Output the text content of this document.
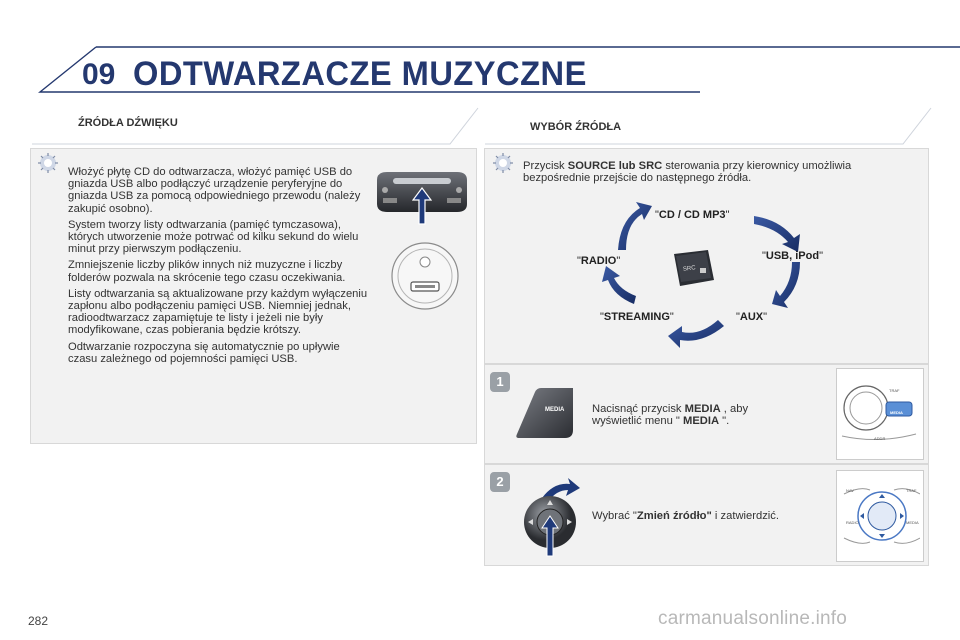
09 ODTWARZACZE MUZYCZNE
ŹRÓDŁA DŹWIĘKU

Włożyć płytę CD do odtwarzacza, włożyć pamięć USB do gniazda USB albo podłączyć urządzenie peryferyjne do gniazda USB za pomocą odpowiedniego przewodu (należy zakupić osobno).

System tworzy listy odtwarzania (pamięć tymczasowa), których utworzenie może potrwać od kilku sekund do wielu minut przy pierwszym podłączeniu.

Zmniejszenie liczby plików innych niż muzyczne i liczby folderów pozwala na skrócenie tego czasu oczekiwania.

Listy odtwarzania są aktualizowane przy każdym wyłączeniu zapłonu albo podłączeniu pamięci USB. Niemniej jednak, radioodtwarzacz zapamiętuje te listy i jeżeli nie były modyfikowane, czas pobierania będzie krótszy.

Odtwarzanie rozpoczyna się automatycznie po upływie czasu zależnego od pojemności pamięci USB.

WYBÓR ŹRÓDŁA
Przycisk SOURCE lub SRC sterowania przy kierownicy umożliwia bezpośrednie przejście do następnego źródła.
SRC
"CD / CD MP3"
"USB, iPod"
"AUX"
"STREAMING"
"RADIO"
1
MEDIA Nacisnąć przycisk MEDIA , aby wyświetlić menu " MEDIA ".
TRAF
MEDIA
ADDR
2
Wybrać "Zmień źródło" i zatwierdzić.
NAV	TRAF
RADIO	MEDIA
282	carmanualsonline.info
